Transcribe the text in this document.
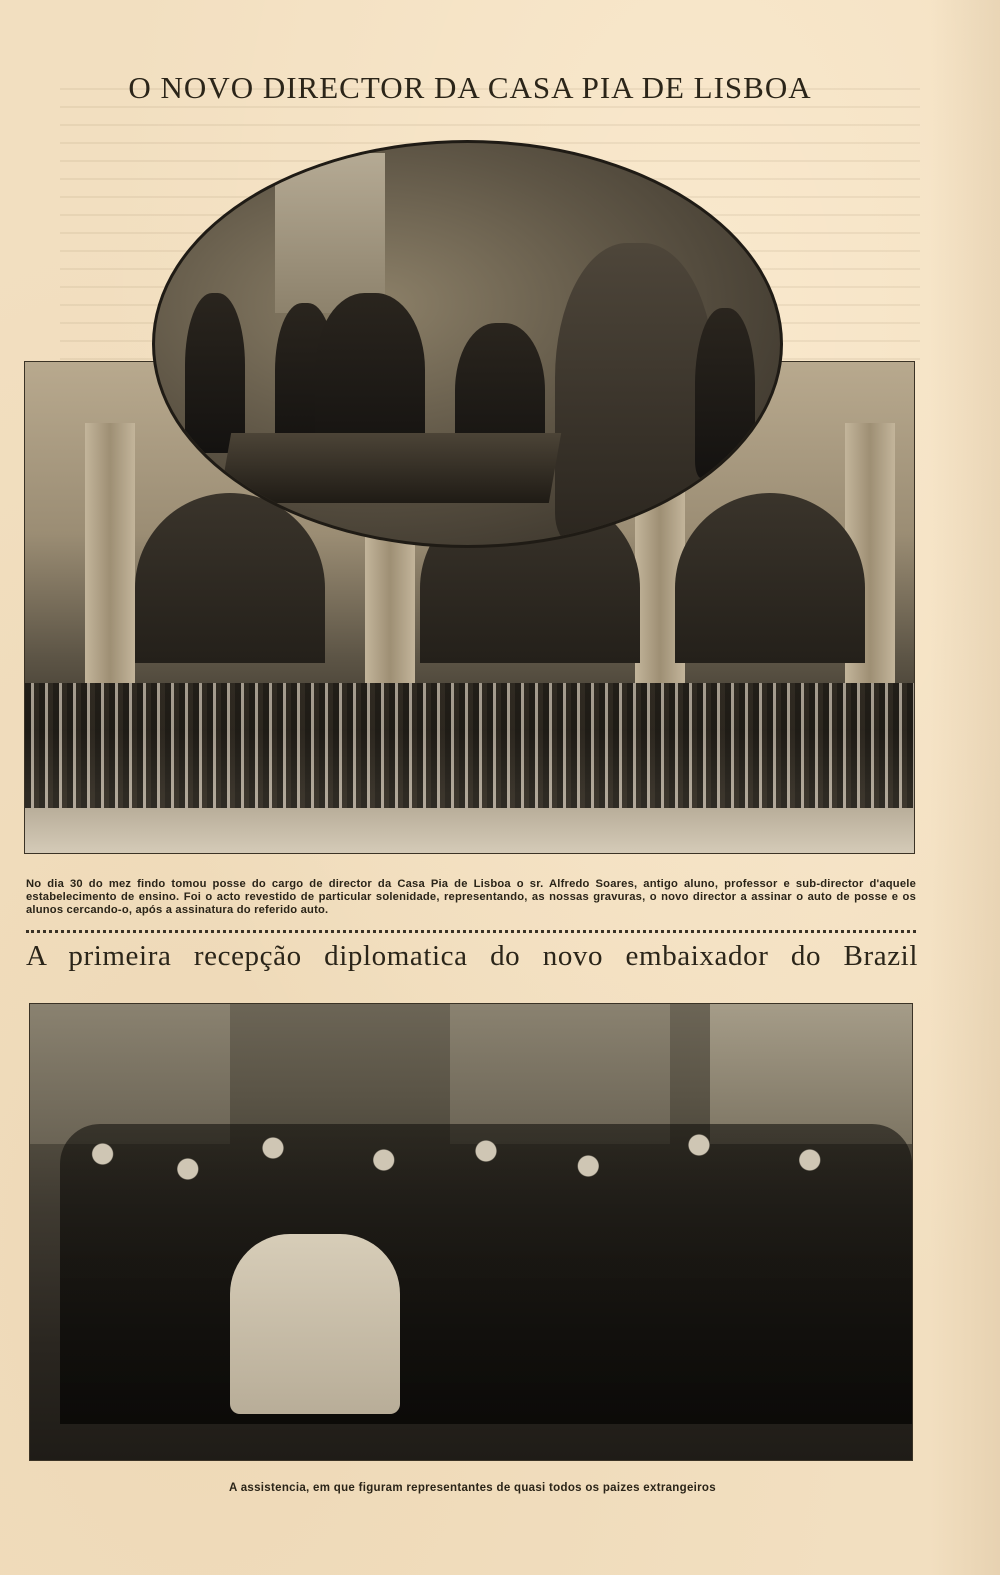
O NOVO DIRECTOR DA CASA PIA DE LISBOA
No dia 30 do mez findo tomou posse do cargo de director da Casa Pia de Lisboa o sr. Alfredo Soares, antigo aluno, professor e sub-director d'aquele estabelecimento de ensino. Foi o acto revestido de particular solenidade, representando, as nossas gravuras, o novo director a assinar o auto de posse e os alunos cercando-o, após a assinatura do referido auto.
A primeira recepção diplomatica do novo embaixador do Brazil
A assistencia, em que figuram representantes de quasi todos os paizes extrangeiros
